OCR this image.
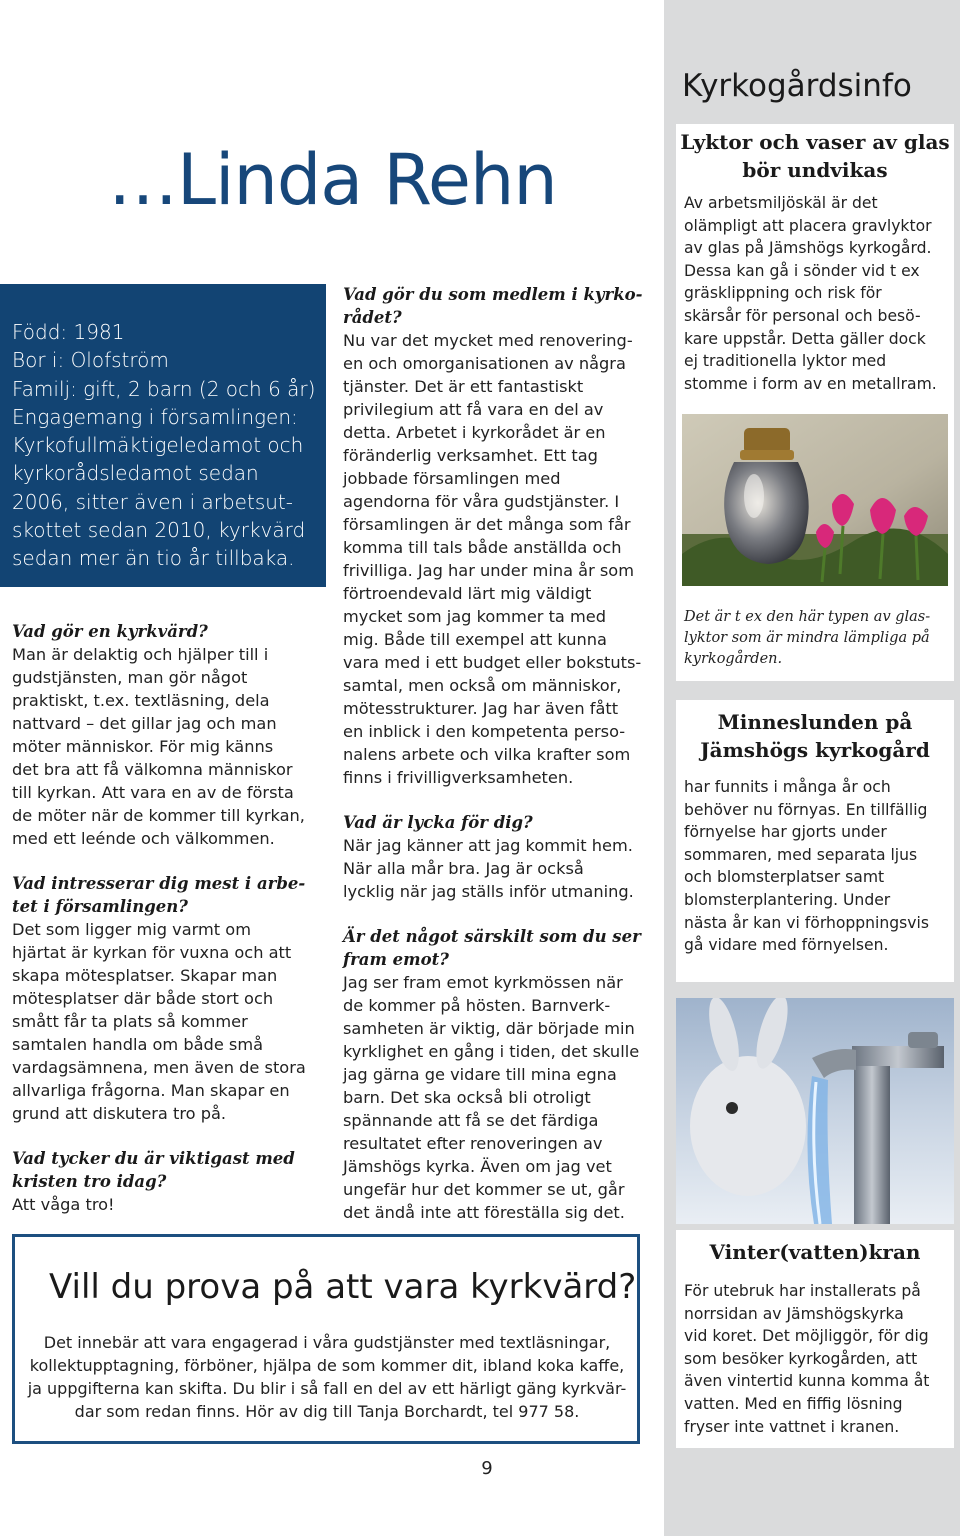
…Linda Rehn
Född: 1981
Bor i: Olofström
Familj: gift, 2 barn (2 och 6 år)
Engagemang i församlingen:
Kyrkofullmäktigeledamot och
kyrkorådsledamot sedan
2006, sitter även i arbetsut-
skottet sedan 2010, kyrkvärd
sedan mer än tio år tillbaka.
Vad gör en kyrkvärd?
Man är delaktig och hjälper till i
gudstjänsten, man gör något
praktiskt, t.ex. textläsning, dela
nattvard – det gillar jag och man
möter människor. För mig känns
det bra att få välkomna människor
till kyrkan. Att vara en av de första
de möter när de kommer till kyrkan,
med ett leénde och välkommen.
Vad intresserar dig mest i arbe-
tet i församlingen?
Det som ligger mig varmt om
hjärtat är kyrkan för vuxna och att
skapa mötesplatser. Skapar man
mötesplatser där både stort och
smått får ta plats så kommer
samtalen handla om både små
vardagsämnena, men även de stora
allvarliga frågorna. Man skapar en
grund att diskutera tro på.
Vad tycker du är viktigast med
kristen tro idag?
Att våga tro!
Vad gör du som medlem i kyrko-
rådet?
Nu var det mycket med renovering-
en och omorganisationen av några
tjänster. Det är ett fantastiskt
privilegium att få vara en del av
detta. Arbetet i kyrkorådet är en
föränderlig verksamhet. Ett tag
jobbade församlingen med
agendorna för våra gudstjänster. I
församlingen är det många som får
komma till tals både anställda och
frivilliga. Jag har under mina år som
förtroendevald lärt mig väldigt
mycket som jag kommer ta med
mig. Både till exempel att kunna
vara med i ett budget eller bokstuts-
samtal, men också om människor,
mötesstrukturer. Jag har även fått
en inblick i den kompetenta perso-
nalens arbete och vilka krafter som
finns i frivilligverksamheten.
Vad är lycka för dig?
När jag känner att jag kommit hem.
När alla mår bra. Jag är också
lycklig när jag ställs inför utmaning.
Är det något särskilt som du ser
fram emot?
Jag ser fram emot kyrkmössen när
de kommer på hösten. Barnverk-
samheten är viktig, där började min
kyrklighet en gång i tiden, det skulle
jag gärna ge vidare till mina egna
barn. Det ska också bli otroligt
spännande att få se det färdiga
resultatet efter renoveringen av
Jämshögs kyrka. Även om jag vet
ungefär hur det kommer se ut, går
det ändå inte att föreställa sig det.
Vill du prova på att vara kyrkvärd?
Det innebär att vara engagerad i våra gudstjänster med textläsningar,
kollektupptagning, förböner, hjälpa de som kommer dit, ibland koka kaffe,
ja uppgifterna kan skifta. Du blir i så fall en del av ett härligt gäng kyrkvär-
dar som redan finns. Hör av dig till Tanja Borchardt, tel 977 58.
9
Kyrkogårdsinfo
Lyktor och vaser av glas
bör undvikas
Av arbetsmiljöskäl är det
olämpligt att placera gravlyktor
av glas på Jämshögs kyrkogård.
Dessa kan gå i sönder vid t ex
gräsklippning och risk för
skärsår för personal och besö-
kare uppstår. Detta gäller dock
ej traditionella lyktor med
stomme i form av en metallram.
Det är t ex den här typen av glas-
lyktor som är mindra lämpliga på
kyrkogården.
Minneslunden på
Jämshögs kyrkogård
har funnits i många år och
behöver nu förnyas. En tillfällig
förnyelse har gjorts under
sommaren, med separata ljus
och blomsterplatser samt
blomsterplantering. Under
nästa år kan vi förhoppningsvis
gå vidare med förnyelsen.
Vinter(vatten)kran
För utebruk har installerats på
norrsidan av Jämshögskyrka
vid koret. Det möjliggör, för dig
som besöker kyrkogården, att
även vintertid kunna komma åt
vatten. Med en fiffig lösning
fryser inte vattnet i kranen.
